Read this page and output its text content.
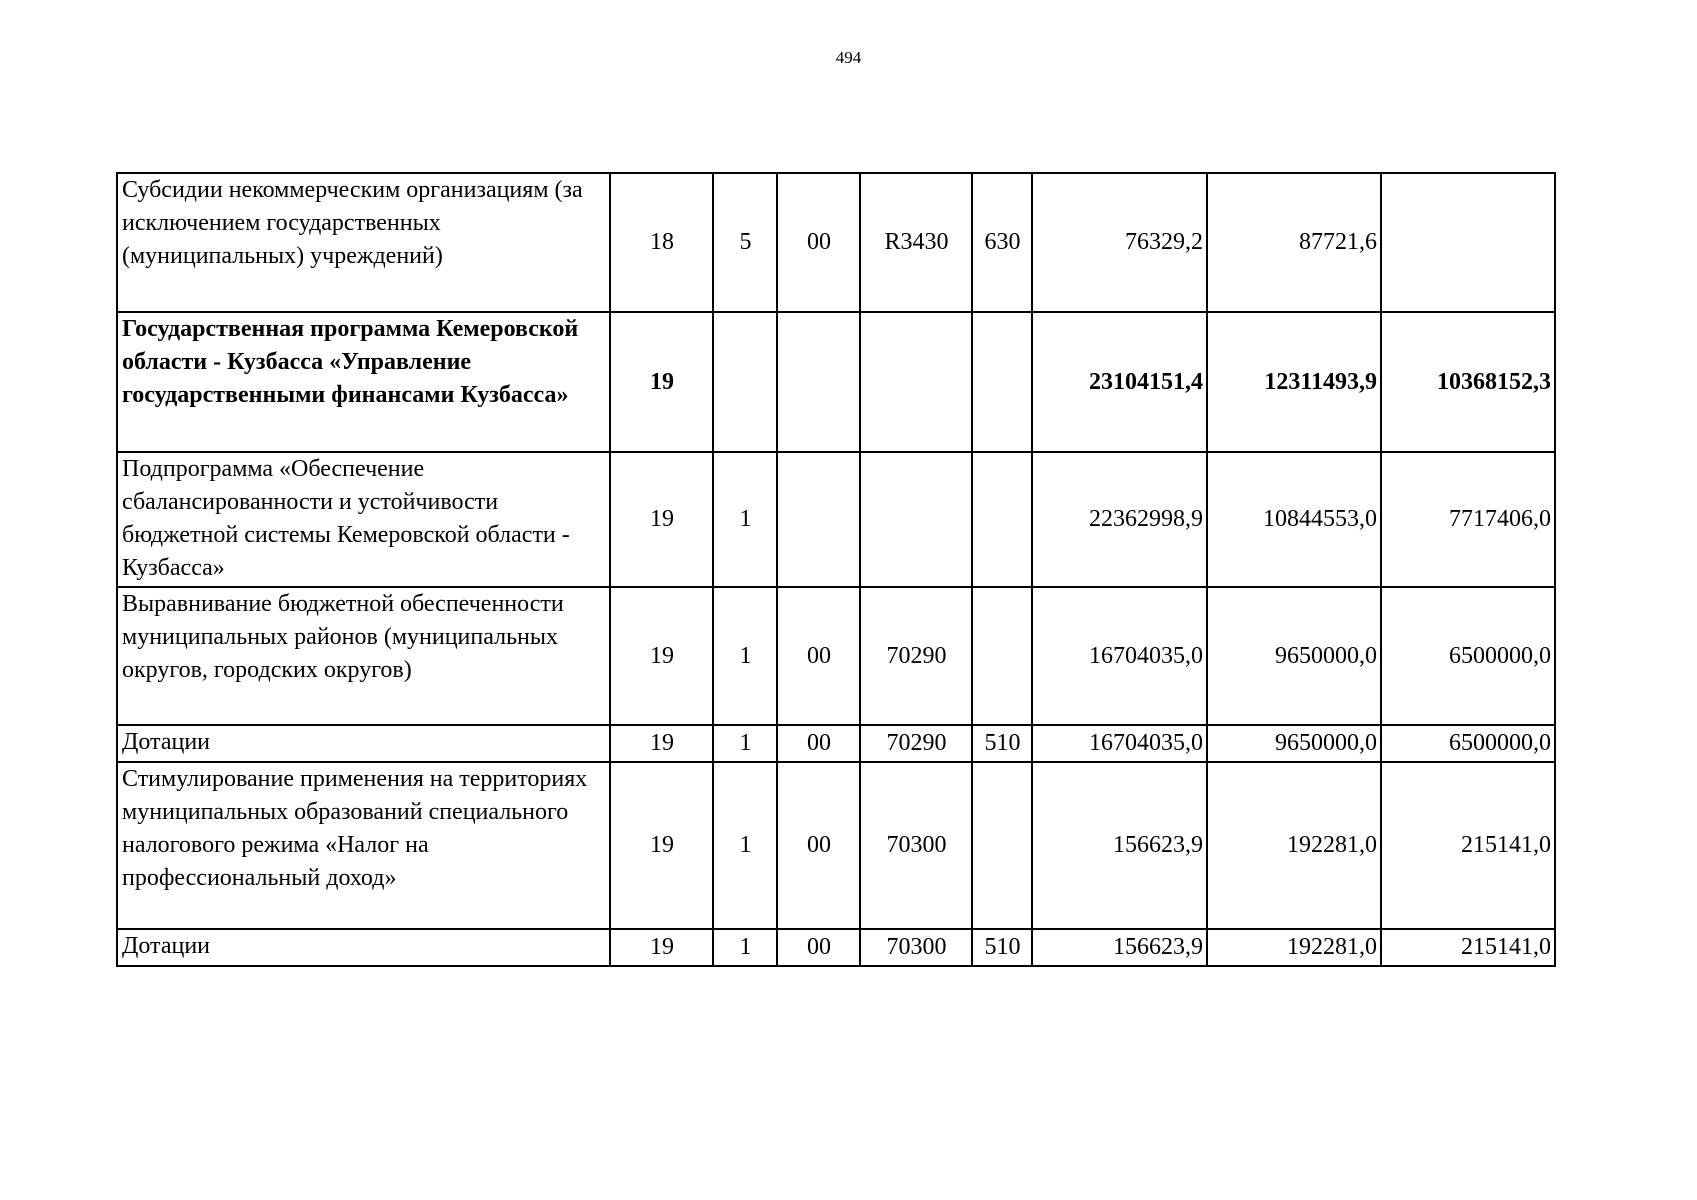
494
Субсидии некоммерческим организациям (за исключением государственных (муниципальных) учреждений)	18	5	00	R3430	630	76329,2	87721,6	
Государственная программа Кемеровской области - Кузбасса «Управление государственными финансами Кузбасса»	19					23104151,4	12311493,9	10368152,3
Подпрограмма «Обеспечение сбалансированности и устойчивости бюджетной системы Кемеровской области - Кузбасса»	19	1				22362998,9	10844553,0	7717406,0
Выравнивание бюджетной обеспеченности муниципальных районов (муниципальных округов, городских округов)	19	1	00	70290		16704035,0	9650000,0	6500000,0
Дотации	19	1	00	70290	510	16704035,0	9650000,0	6500000,0
Стимулирование применения на территориях муниципальных образований специального налогового режима «Налог на профессиональный доход»	19	1	00	70300		156623,9	192281,0	215141,0
Дотации	19	1	00	70300	510	156623,9	192281,0	215141,0
